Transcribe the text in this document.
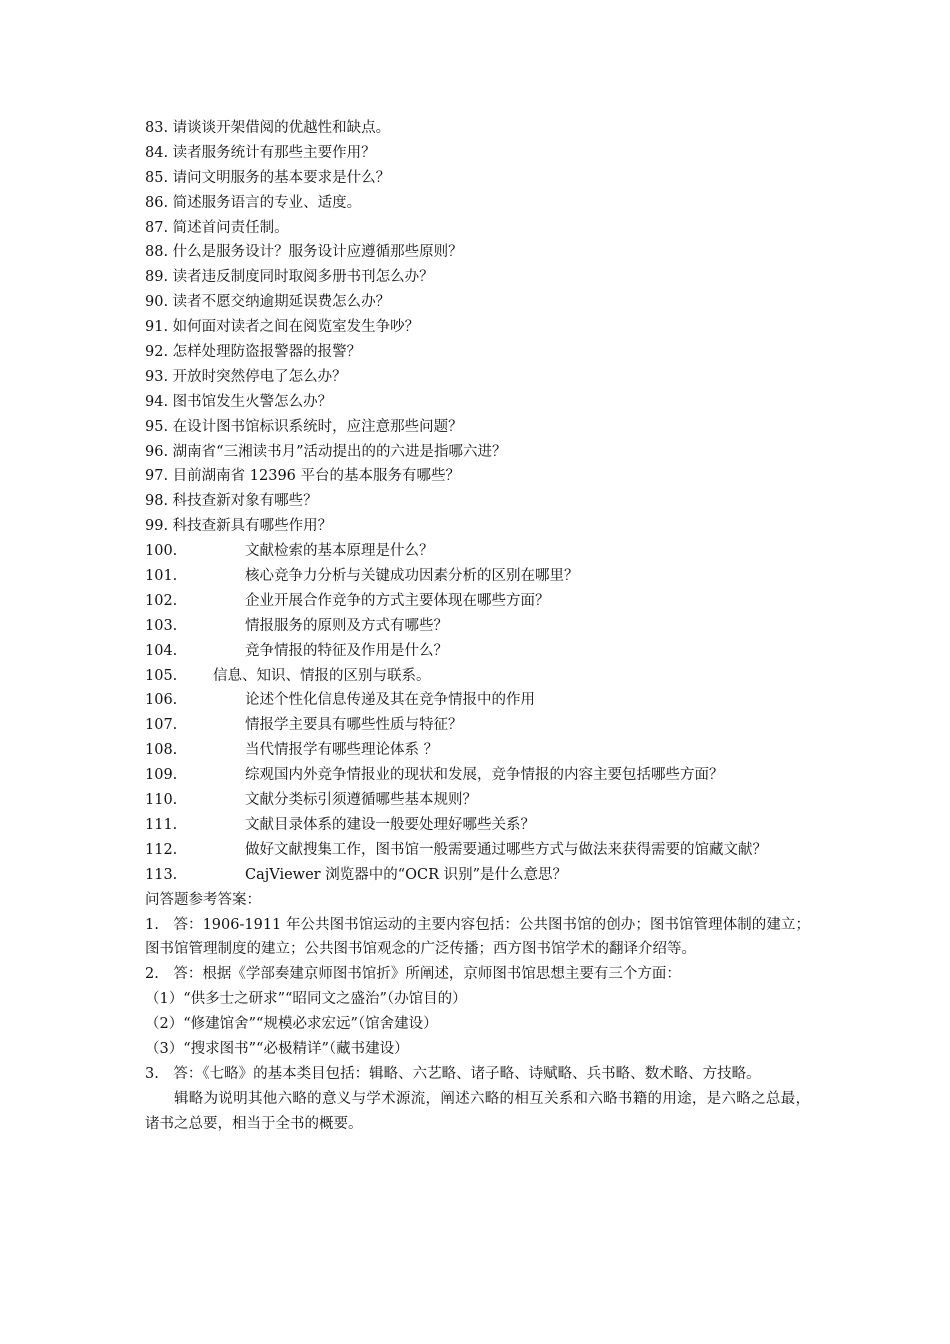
83. 请谈谈开架借阅的优越性和缺点。
84. 读者服务统计有那些主要作用？
85. 请问文明服务的基本要求是什么？
86. 简述服务语言的专业、适度。
87. 简述首问责任制。
88. 什么是服务设计？服务设计应遵循那些原则？
89. 读者违反制度同时取阅多册书刊怎么办？
90. 读者不愿交纳逾期延误费怎么办？
91. 如何面对读者之间在阅览室发生争吵？
92. 怎样处理防盗报警器的报警？
93. 开放时突然停电了怎么办？
94. 图书馆发生火警怎么办？
95. 在设计图书馆标识系统时，应注意那些问题？
96. 湖南省“三湘读书月”活动提出的的六进是指哪六进？
97. 目前湖南省 12396 平台的基本服务有哪些？
98. 科技查新对象有哪些？
99. 科技查新具有哪些作用？
100.	文献检索的基本原理是什么？
101.	核心竞争力分析与关键成功因素分析的区别在哪里？
102.	企业开展合作竞争的方式主要体现在哪些方面？
103.	情报服务的原则及方式有哪些？
104.	竞争情报的特征及作用是什么？
105. 信息、知识、情报的区别与联系。
106.	论述个性化信息传递及其在竞争情报中的作用
107.	情报学主要具有哪些性质与特征？
108.	当代情报学有哪些理论体系 ？
109.	综观国内外竞争情报业的现状和发展，竞争情报的内容主要包括哪些方面？
110.	文献分类标引须遵循哪些基本规则？
111.	文献目录体系的建设一般要处理好哪些关系？
112.	做好文献搜集工作，图书馆一般需要通过哪些方式与做法来获得需要的馆藏文献？
113.	CajViewer 浏览器中的“OCR 识别”是什么意思？
问答题参考答案：
1.　答：1906-1911 年公共图书馆运动的主要内容包括：公共图书馆的创办；图书馆管理体制的建立；图书馆管理制度的建立；公共图书馆观念的广泛传播；西方图书馆学术的翻译介绍等。
2.　答：根据《学部奏建京师图书馆折》所阐述，京师图书馆思想主要有三个方面：
（1）“供多士之研求”“昭同文之盛治”（办馆目的）
（2）“修建馆舍”“规模必求宏远”（馆舍建设）
（3）“搜求图书”“必极精详”（藏书建设）
3.　答：《七略》的基本类目包括：辑略、六艺略、诸子略、诗赋略、兵书略、数术略、方技略。
辑略为说明其他六略的意义与学术源流，阐述六略的相互关系和六略书籍的用途，是六略之总最，诸书之总要，相当于全书的概要。
